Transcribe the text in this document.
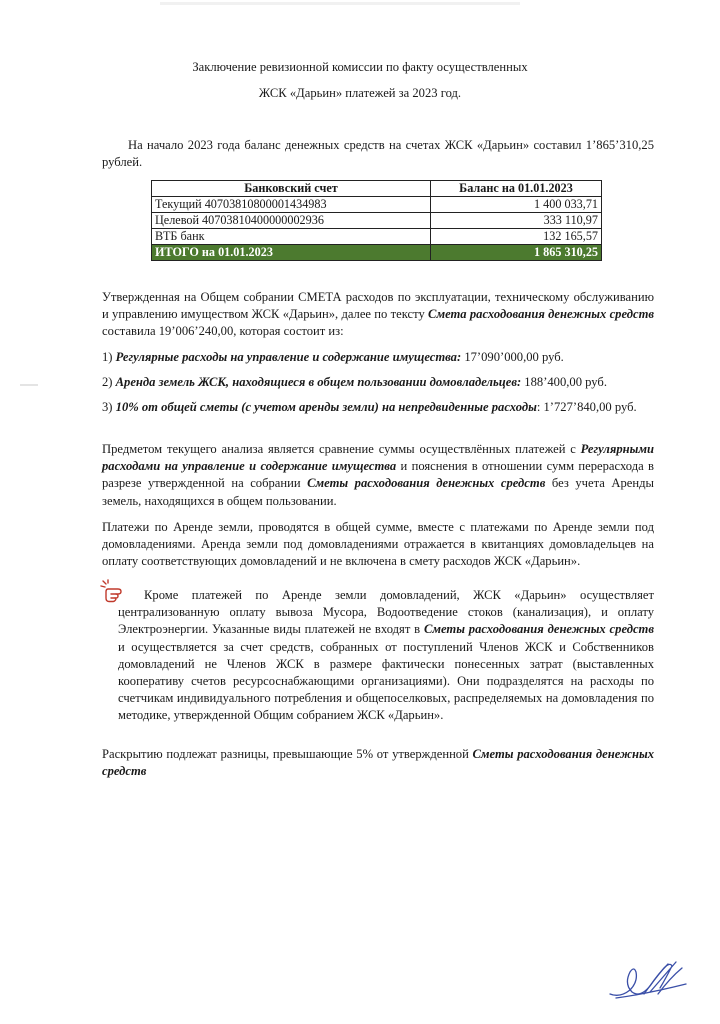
Заключение ревизионной комиссии по факту осуществленных
ЖСК «Дарьин» платежей за 2023 год.
На начало 2023 года баланс денежных средств на счетах ЖСК «Дарьин» составил 1’865’310,25 рублей.
Банковский счет	Баланс на 01.01.2023
Текущий 40703810800001434983	1 400 033,71
Целевой 40703810400000002936	333 110,97
ВТБ банк	132 165,57
ИТОГО на 01.01.2023	1 865 310,25
Утвержденная на Общем собрании СМЕТА расходов по эксплуатации, техническому обслуживанию и управлению имуществом ЖСК «Дарьин», далее по тексту Смета расходования денежных средств составила 19’006’240,00, которая состоит из:
1) Регулярные расходы на управление и содержание имущества: 17’090’000,00 руб.
2) Аренда земель ЖСК, находящиеся в общем пользовании домовладельцев: 188’400,00 руб.
3) 10% от общей сметы (с учетом аренды земли) на непредвиденные расходы: 1’727’840,00 руб.
Предметом текущего анализа является сравнение суммы осуществлённых платежей с Регулярными расходами на управление и содержание имущества и пояснения в отношении сумм перерасхода в разрезе утвержденной на собрании Сметы расходования денежных средств без учета Аренды земель, находящихся в общем пользовании.
Платежи по Аренде земли, проводятся в общей сумме, вместе с платежами по Аренде земли под домовладениями. Аренда земли под домовладениями отражается в квитанциях домовладельцев на оплату соответствующих домовладений и не включена в смету расходов ЖСК «Дарьин».
Кроме платежей по Аренде земли домовладений, ЖСК «Дарьин» осуществляет централизованную оплату вывоза Мусора, Водоотведение стоков (канализация), и оплату Электроэнергии. Указанные виды платежей не входят в Сметы расходования денежных средств и осуществляется за счет средств, собранных от поступлений Членов ЖСК и Собственников домовладений не Членов ЖСК в размере фактически понесенных затрат (выставленных кооперативу счетов ресурсоснабжающими организациями). Они подразделятся на расходы по счетчикам индивидуального потребления и общепоселковых, распределяемых на домовладения по методике, утвержденной Общим собранием ЖСК «Дарьин».
Раскрытию подлежат разницы, превышающие 5% от утвержденной Сметы расходования денежных средств
